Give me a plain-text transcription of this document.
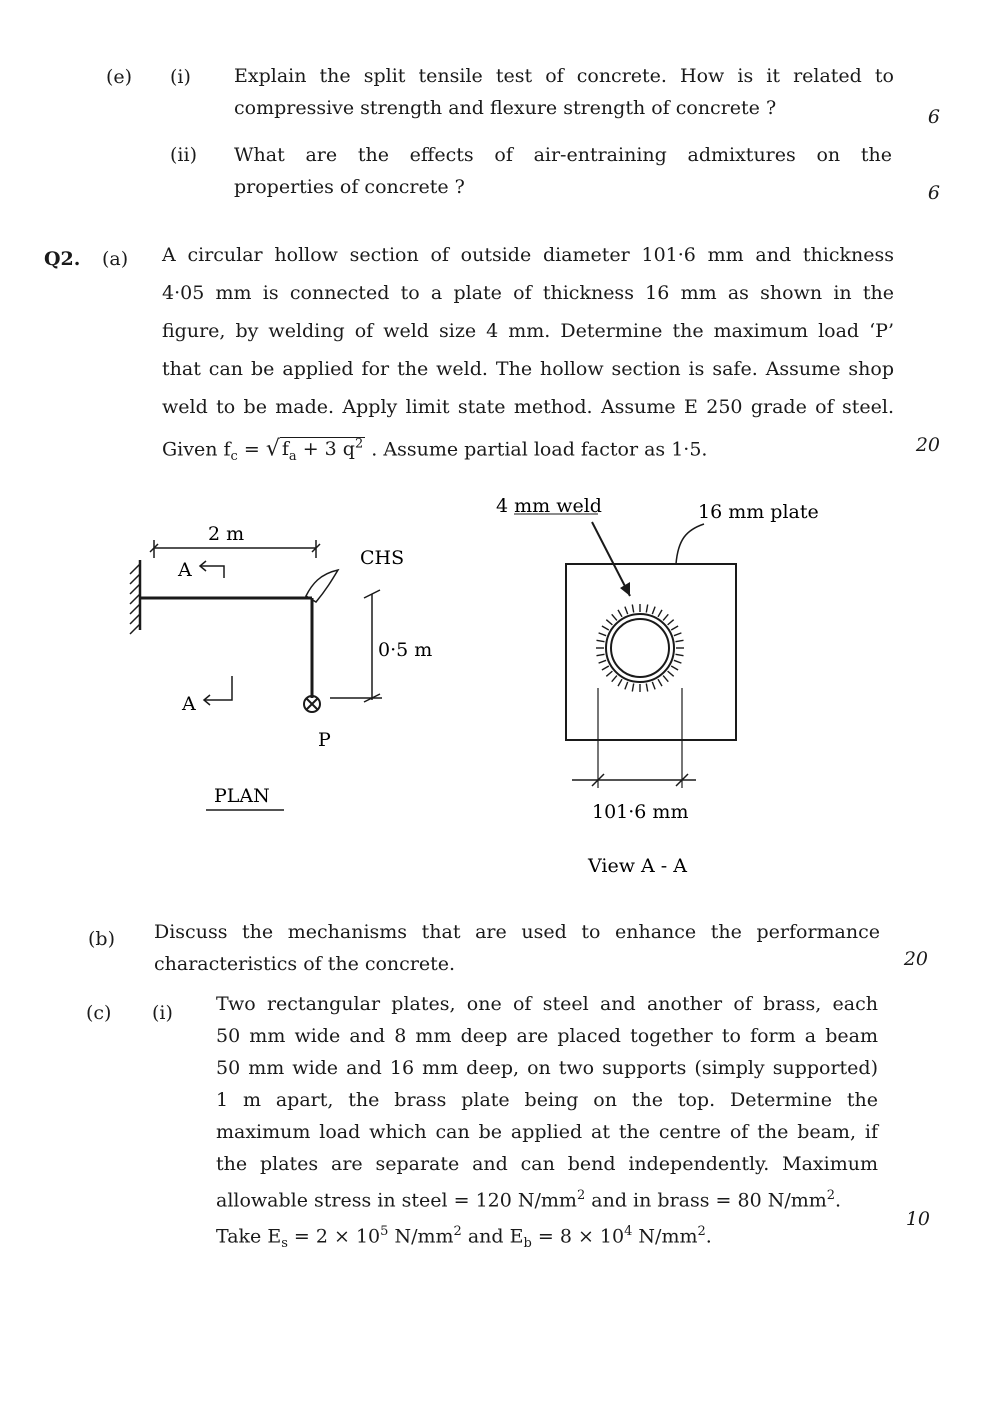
(e) (i) Explain the split tensile test of concrete. How is it related to
compressive strength and flexure strength of concrete ?	6
(ii) What are the effects of air-entraining admixtures on the
properties of concrete ?	6
Q2. (a) A circular hollow section of outside diameter 101·6 mm and thickness
4·05 mm is connected to a plate of thickness 16 mm as shown in the
figure, by welding of weld size 4 mm. Determine the maximum load ‘P’
that can be applied for the weld. The hollow section is safe. Assume shop
weld to be made. Apply limit state method. Assume E 250 grade of steel.
Given $f_c$ = √ $f_a + 3$ $q^2$ . Assume partial load factor as 1·5.	20
2 m
A
CHS
0·5 m
P
A
PLAN
4 mm weld	16 mm plate
101·6 mm
View A - A
(b) Discuss the mechanisms that are used to enhance the performance
characteristics of the concrete.	20
(c) (i) Two rectangular plates, one of steel and another of brass, each
50 mm wide and 8 mm deep are placed together to form a beam
50 mm wide and 16 mm deep, on two supports (simply supported)
1 m apart, the brass plate being on the top. Determine the
maximum load which can be applied at the centre of the beam, if
the plates are separate and can bend independently. Maximum
allowable stress in steel = 120 $N/mm^2$ and in brass = 80 $N/mm^2$.
Take $E_s = 2 \times 10^5$ $N/mm^2$ and $E_b = 8 \times 10^4$ $N/mm^2$.
10
